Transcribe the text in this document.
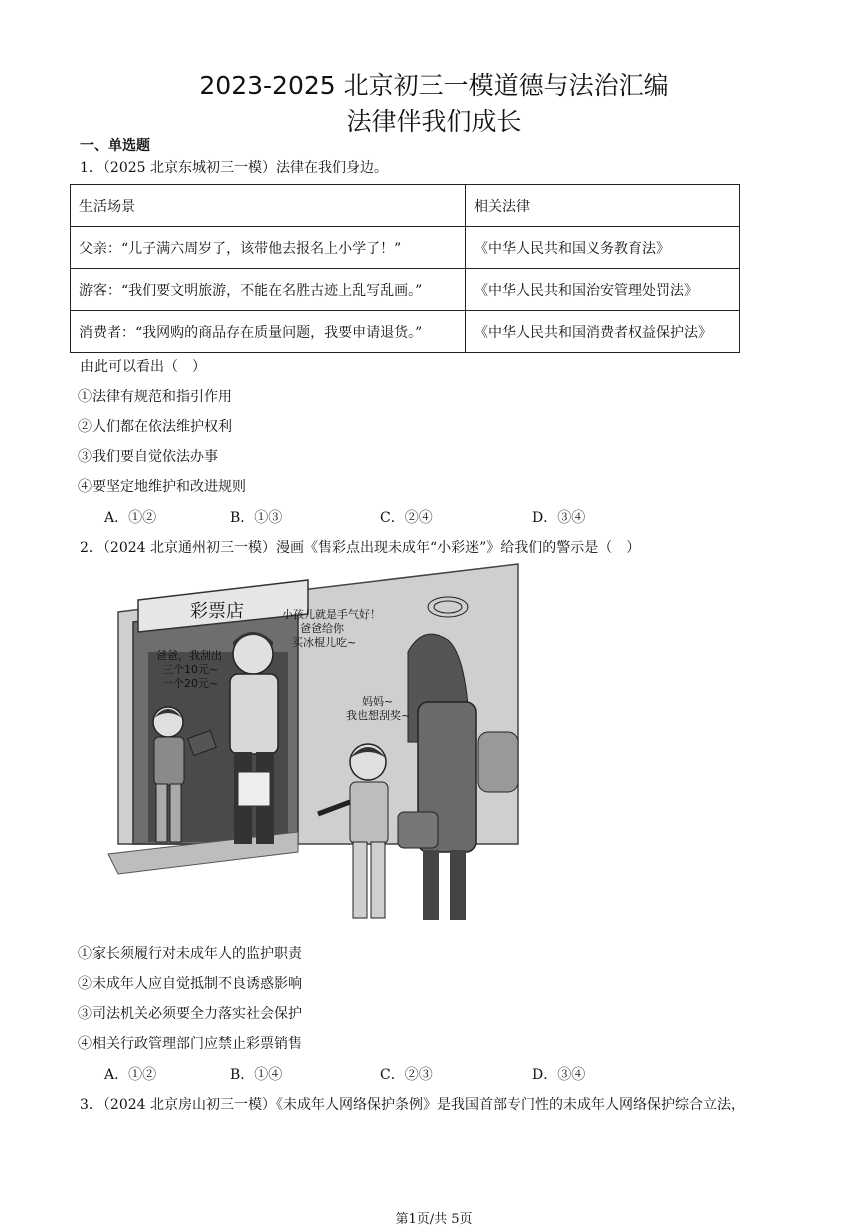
2023-2025 北京初三一模道德与法治汇编
法律伴我们成长
一、单选题
1．（2025 北京东城初三一模）法律在我们身边。
生活场景	相关法律
父亲：“儿子满六周岁了，该带他去报名上小学了！”	《中华人民共和国义务教育法》
游客：“我们要文明旅游，不能在名胜古迹上乱写乱画。”	《中华人民共和国治安管理处罚法》
消费者：“我网购的商品存在质量问题，我要申请退货。”	《中华人民共和国消费者权益保护法》
由此可以看出（　）
①法律有规范和指引作用
②人们都在依法维护权利
③我们要自觉依法办事
④要坚定地维护和改进规则
A．①②	B．①③	C．②④	D．③④
2．（2024 北京通州初三一模）漫画《售彩点出现未成年“小彩迷”》给我们的警示是（　）
彩票店
爸爸，我刮出
三个10元~
一个20元~
小孩儿就是手气好！
爸爸给你
买冰棍儿吃~
妈妈~
我也想刮奖~
①家长须履行对未成年人的监护职责
②未成年人应自觉抵制不良诱惑影响
③司法机关必须要全力落实社会保护
④相关行政管理部门应禁止彩票销售
A．①②	B．①④	C．②③	D．③④
3．（2024 北京房山初三一模）《未成年人网络保护条例》是我国首部专门性的未成年人网络保护综合立法，
第1页/共 5页
